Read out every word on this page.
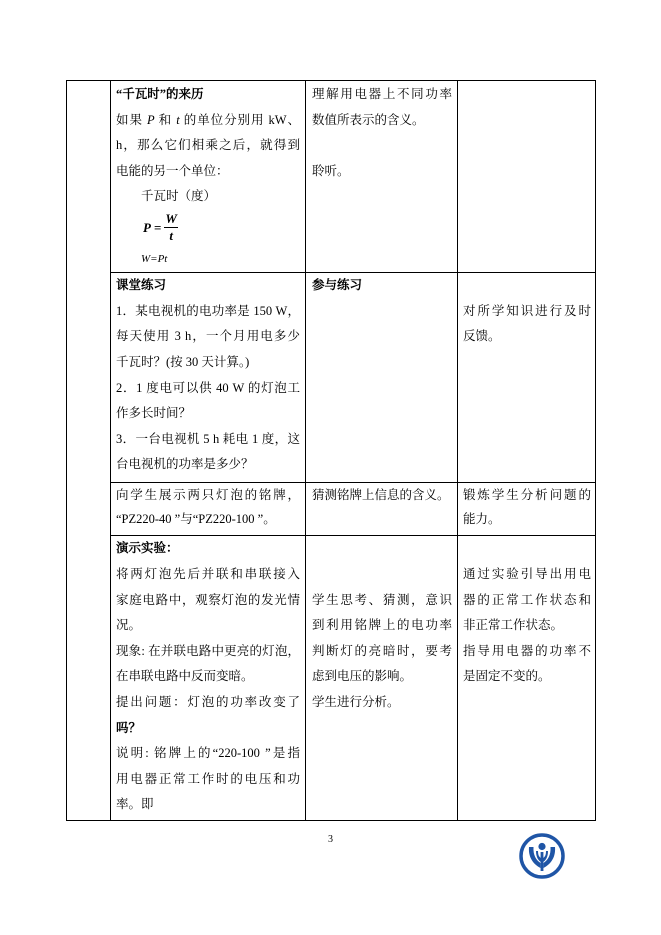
“千瓦时”的来历
如果 P 和 t 的单位分别用 kW、
h，那么它们相乘之后，就得到
电能的另一个单位：
千瓦时（度）
$P = \frac{W}{t}$
W=Pt
理解用电器上不同功率
数值所表示的含义。
聆听。
课堂练习
1．某电视机的电功率是 150 W，
每天使用 3 h，一个月用电多少
千瓦时？(按 30 天计算。)
2．1 度电可以供 40 W 的灯泡工
作多长时间？
3．一台电视机 5 h 耗电 1 度，这
台电视机的功率是多少？
参与练习
对所学知识进行及时
反馈。
向学生展示两只灯泡的铭牌，
“PZ220-40 ”与“PZ220-100 ”。
猜测铭牌上信息的含义。 锻炼学生分析问题的
能力。
演示实验：
将两灯泡先后并联和串联接入
家庭电路中，观察灯泡的发光情
况。
现象: 在并联电路中更亮的灯泡，
在串联电路中反而变暗。
提出问题：灯泡的功率改变了
吗？
说明: 铭牌上的“220-100 ”是指
用电器正常工作时的电压和功
率。即
学生思考、猜测，意识
到利用铭牌上的电功率
判断灯的亮暗时，要考
虑到电压的影响。
学生进行分析。
通过实验引导出用电
器的正常工作状态和
非正常工作状态。
指导用电器的功率不
是固定不变的。
3
